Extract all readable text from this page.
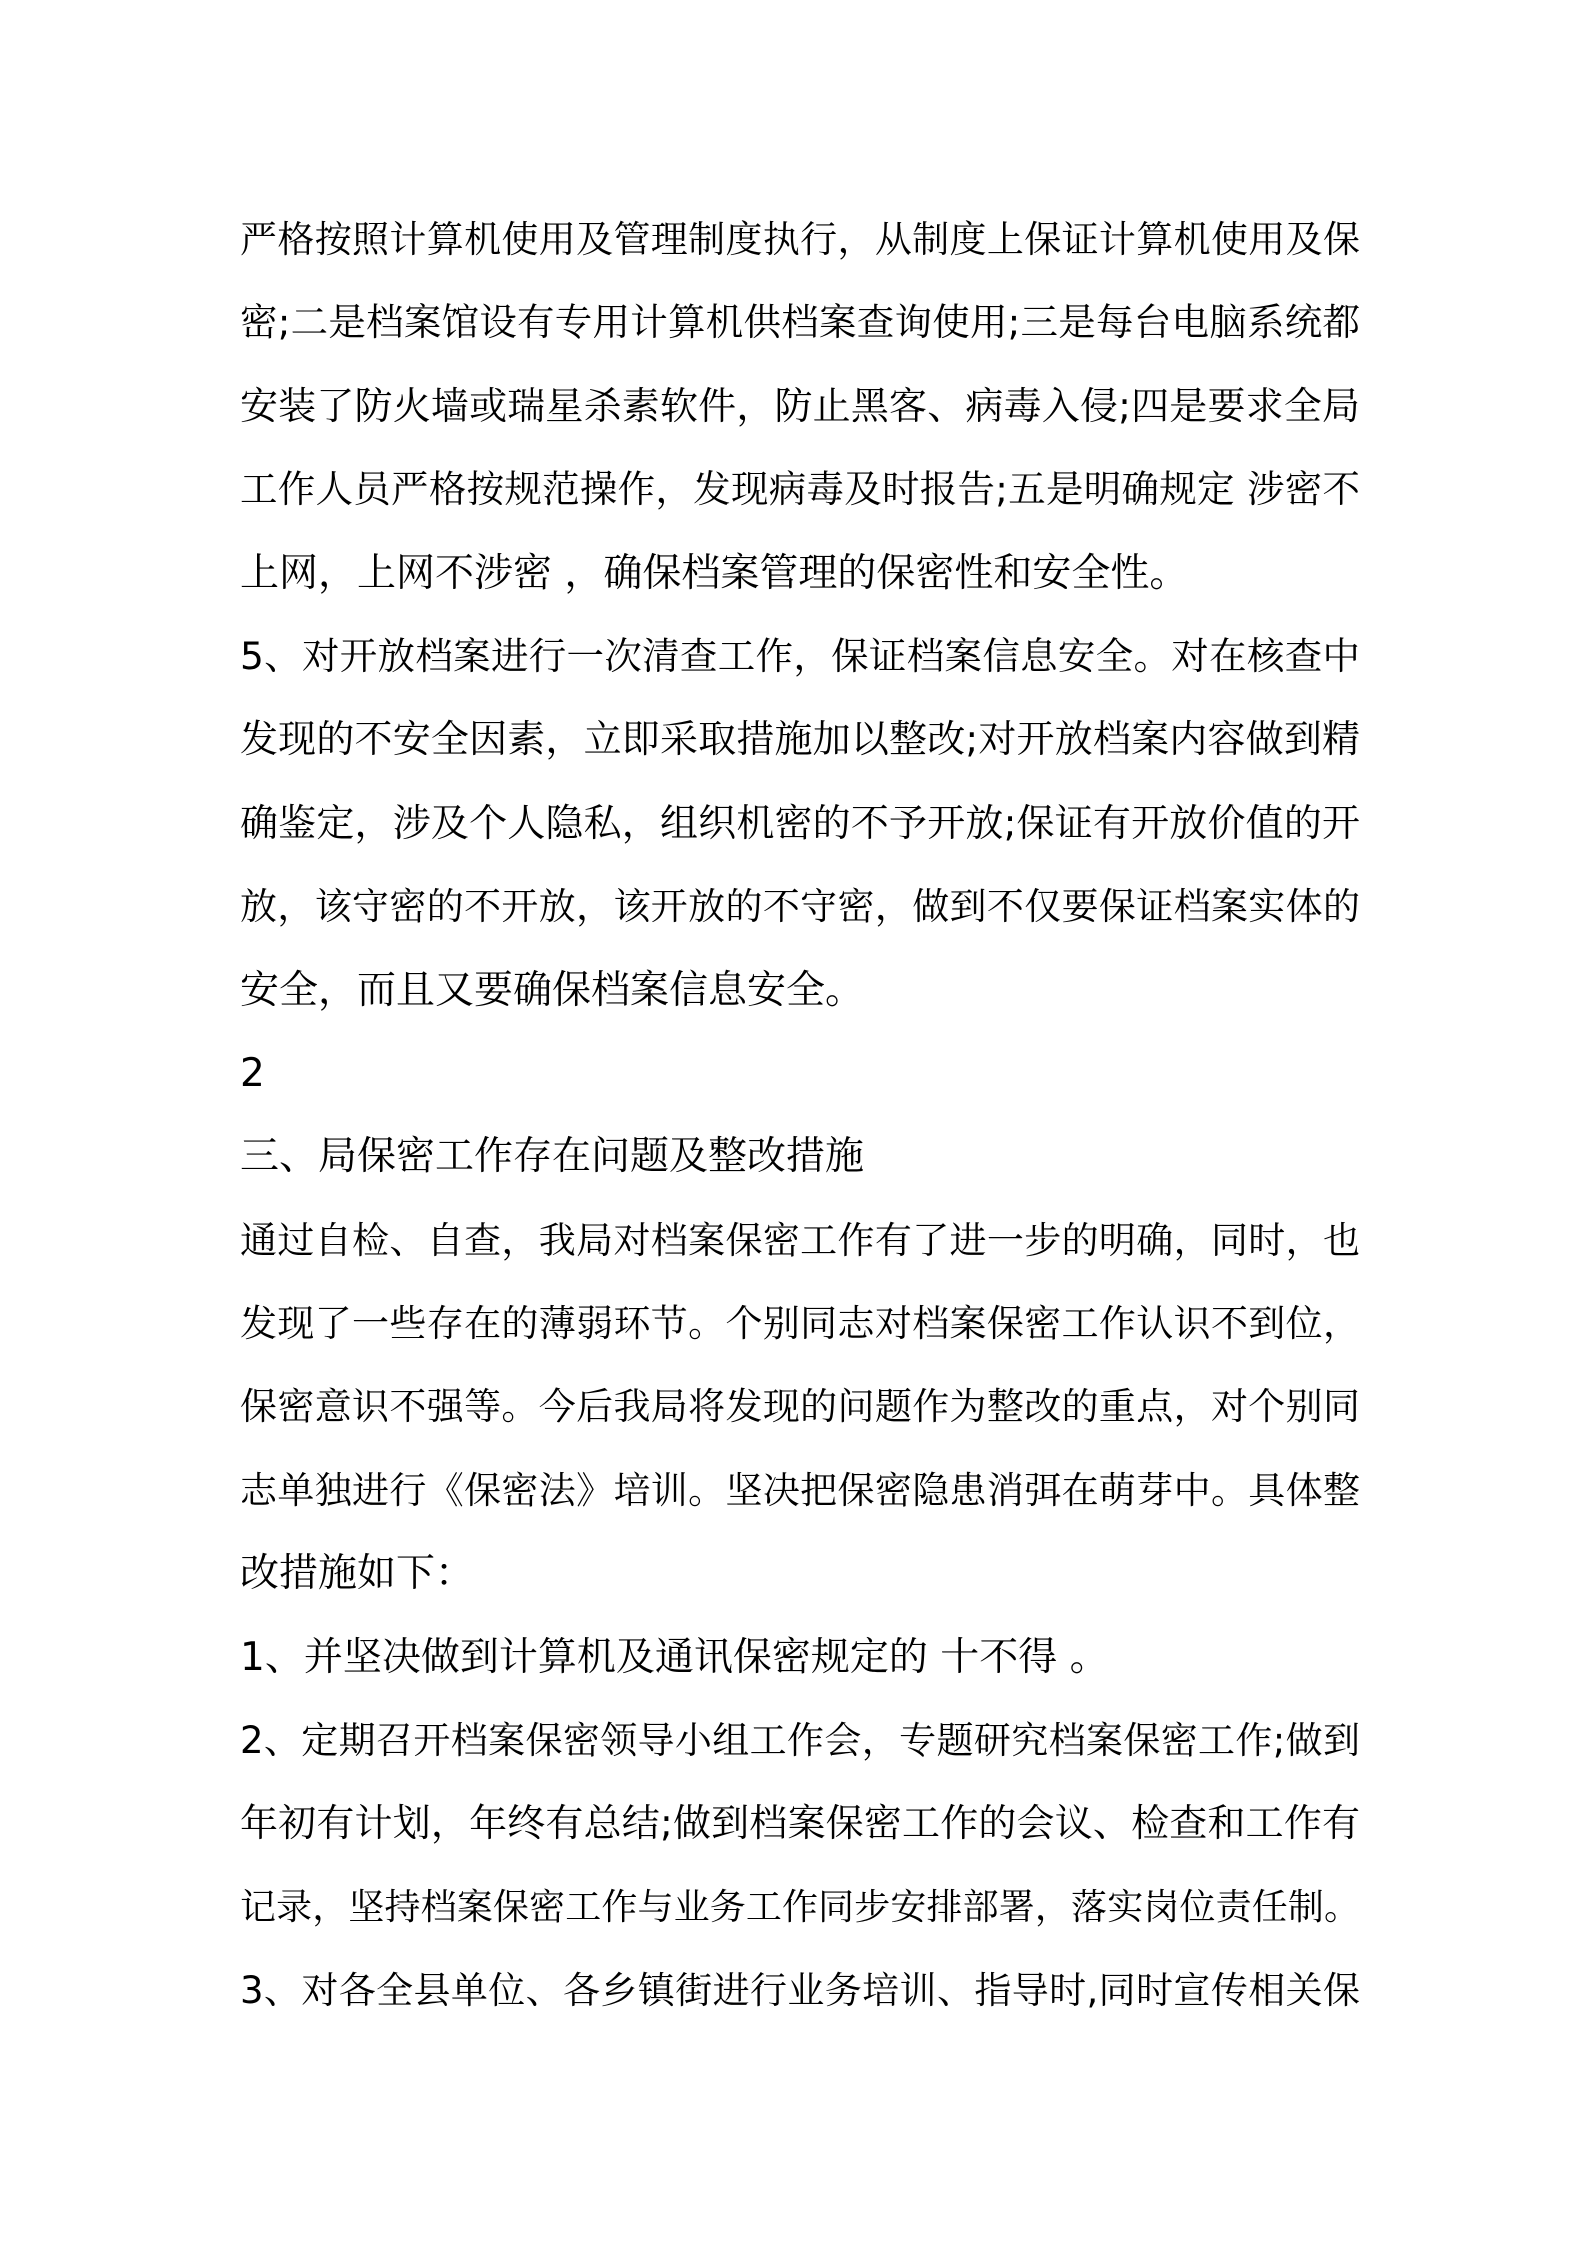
严格按照计算机使用及管理制度执行，从制度上保证计算机使用及保
密;二是档案馆设有专用计算机供档案查询使用;三是每台电脑系统都
安装了防火墙或瑞星杀素软件，防止黑客、病毒入侵;四是要求全局
工作人员严格按规范操作，发现病毒及时报告;五是明确规定 涉密不
上网，上网不涉密 ，确保档案管理的保密性和安全性。
5、对开放档案进行一次清查工作，保证档案信息安全。对在核查中
发现的不安全因素，立即采取措施加以整改;对开放档案内容做到精
确鉴定，涉及个人隐私，组织机密的不予开放;保证有开放价值的开
放，该守密的不开放，该开放的不守密，做到不仅要保证档案实体的
安全，而且又要确保档案信息安全。
2
三、局保密工作存在问题及整改措施
通过自检、自查，我局对档案保密工作有了进一步的明确，同时，也
发现了一些存在的薄弱环节。个别同志对档案保密工作认识不到位，
保密意识不强等。今后我局将发现的问题作为整改的重点，对个别同
志单独进行《保密法》培训。坚决把保密隐患消弭在萌芽中。具体整
改措施如下：
1、并坚决做到计算机及通讯保密规定的 十不得 。
2、定期召开档案保密领导小组工作会，专题研究档案保密工作;做到
年初有计划，年终有总结;做到档案保密工作的会议、检查和工作有
记录，坚持档案保密工作与业务工作同步安排部署，落实岗位责任制。
3、对各全县单位、各乡镇街进行业务培训、指导时,同时宣传相关保
